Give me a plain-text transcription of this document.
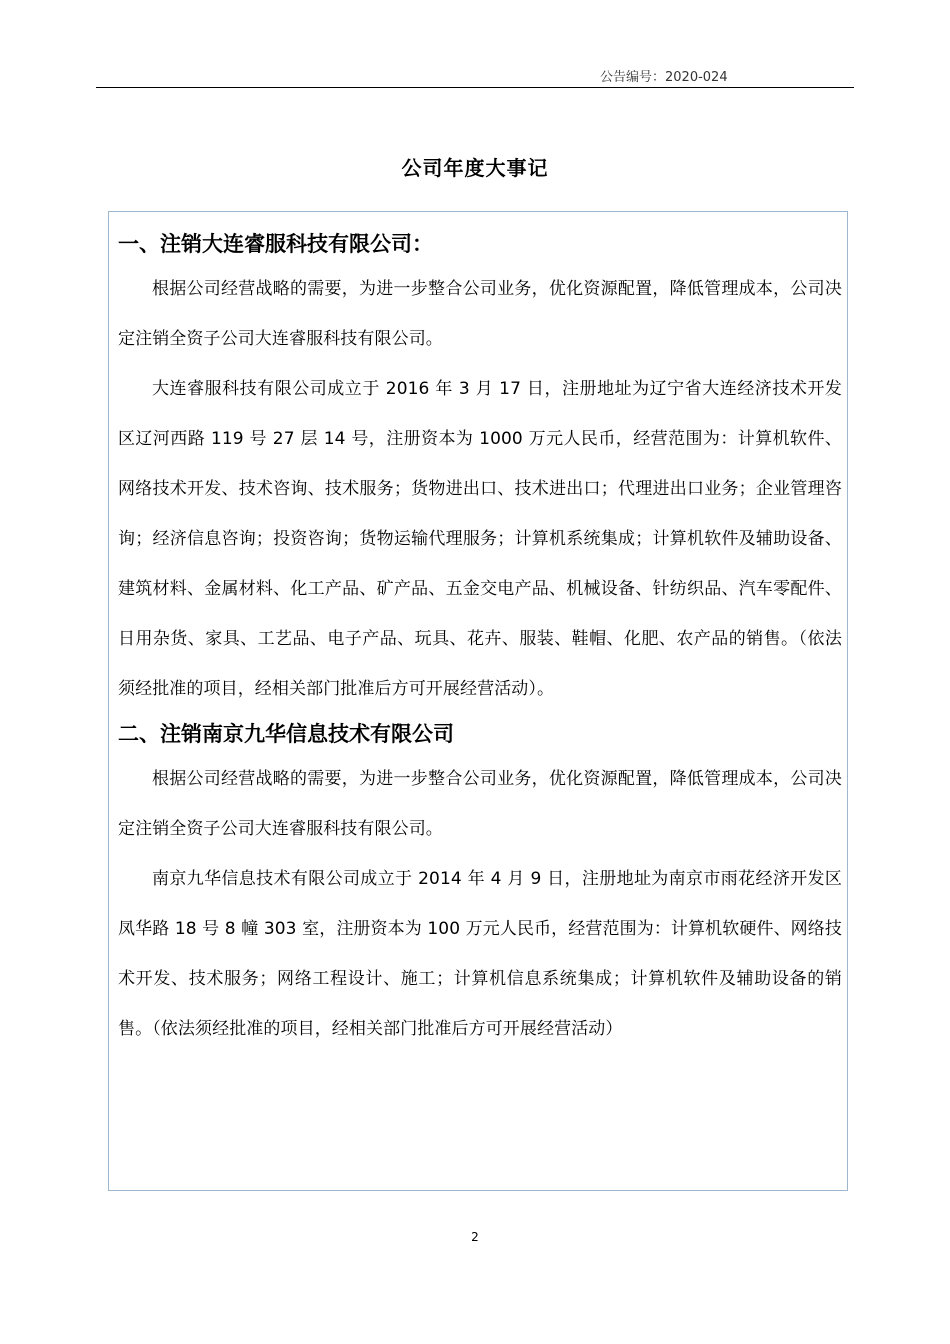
公告编号：2020-024
公司年度大事记
一、注销大连睿服科技有限公司：

根据公司经营战略的需要，为进一步整合公司业务，优化资源配置，降低管理成本，公司决定注销全资子公司大连睿服科技有限公司。

大连睿服科技有限公司成立于 2016 年 3 月 17 日，注册地址为辽宁省大连经济技术开发区辽河西路 119 号 27 层 14 号，注册资本为 1000 万元人民币，经营范围为：计算机软件、网络技术开发、技术咨询、技术服务；货物进出口、技术进出口；代理进出口业务；企业管理咨询；经济信息咨询；投资咨询；货物运输代理服务；计算机系统集成；计算机软件及辅助设备、建筑材料、金属材料、化工产品、矿产品、五金交电产品、机械设备、针纺织品、汽车零配件、日用杂货、家具、工艺品、电子产品、玩具、花卉、服装、鞋帽、化肥、农产品的销售。（依法须经批准的项目，经相关部门批准后方可开展经营活动）。

二、注销南京九华信息技术有限公司

根据公司经营战略的需要，为进一步整合公司业务，优化资源配置，降低管理成本，公司决定注销全资子公司大连睿服科技有限公司。

南京九华信息技术有限公司成立于 2014 年 4 月 9 日，注册地址为南京市雨花经济开发区凤华路 18 号 8 幢 303 室，注册资本为 100 万元人民币，经营范围为：计算机软硬件、网络技术开发、技术服务；网络工程设计、施工；计算机信息系统集成；计算机软件及辅助设备的销售。（依法须经批准的项目，经相关部门批准后方可开展经营活动）

2
